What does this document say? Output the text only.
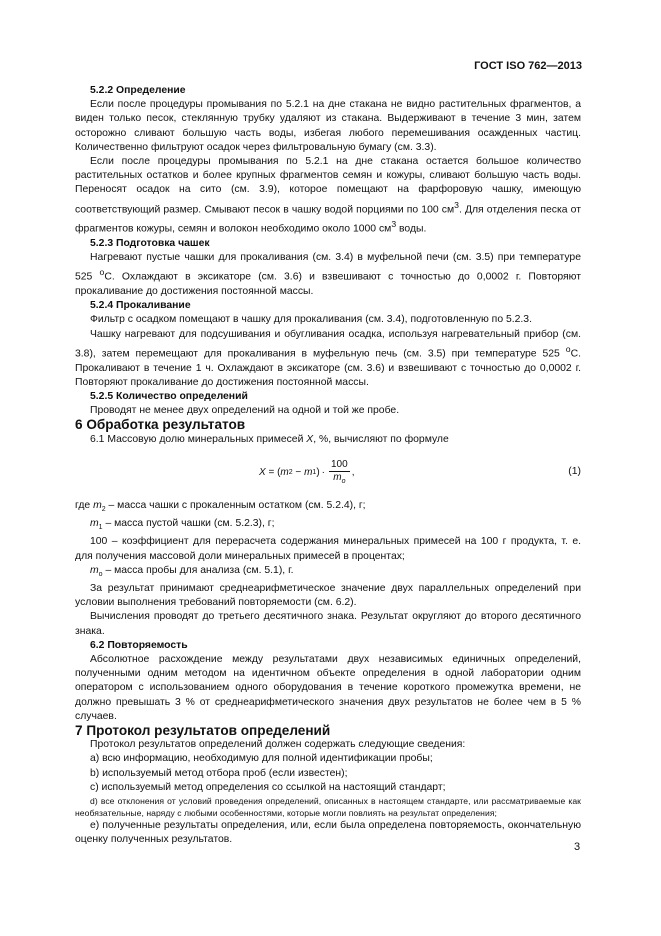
ГОСТ ISO 762—2013

5.2.2 Определение

Если после процедуры промывания по 5.2.1 на дне стакана не видно растительных фрагментов, а виден только песок, стеклянную трубку удаляют из стакана. Выдерживают в течение 3 мин, затем осторожно сливают большую часть воды, избегая любого перемешивания осажденных частиц. Количественно фильтруют осадок через фильтровальную бумагу (см. 3.3).

Если после процедуры промывания по 5.2.1 на дне стакана остается большое количество растительных остатков и более крупных фрагментов семян и кожуры, сливают большую часть воды. Переносят осадок на сито (см. 3.9), которое помещают на фарфоровую чашку, имеющую соответствующий размер. Смывают песок в чашку водой порциями по 100 $см^3$. Для отделения песка от фрагментов кожуры, семян и волокон необходимо около 1000 $см^3$ воды.

5.2.3 Подготовка чашек

Нагревают пустые чашки для прокаливания (см. 3.4) в муфельной печи (см. 3.5) при температуре 525 $^o$C. Охлаждают в эксикаторе (см. 3.6) и взвешивают с точностью до 0,0002 г. Повторяют прокаливание до достижения постоянной массы.

5.2.4 Прокаливание

Фильтр с осадком помещают в чашку для прокаливания (см. 3.4), подготовленную по 5.2.3.

Чашку нагревают для подсушивания и обугливания осадка, используя нагревательный прибор (см. 3.8), затем перемещают для прокаливания в муфельную печь (см. 3.5) при температуре 525 $^o$C. Прокаливают в течение 1 ч. Охлаждают в эксикаторе (см. 3.6) и взвешивают с точностью до 0,0002 г. Повторяют прокаливание до достижения постоянной массы.

5.2.5 Количество определений

Проводят не менее двух определений на одной и той же пробе.

6 Обработка результатов

6.1 Массовую долю минеральных примесей X, %, вычисляют по формуле

X = ( m 2 − m 1 ) · $\frac{100}{m_o}$ ,	(1)

где $m_2$ – масса чашки с прокаленным остатком (см. 5.2.4), г;

$m_1$ – масса пустой чашки (см. 5.2.3), г;

100 – коэффициент для перерасчета содержания минеральных примесей на 100 г продукта, т. е. для получения массовой доли минеральных примесей в процентах;

$m_o$ – масса пробы для анализа (см. 5.1), г.

За результат принимают среднеарифметическое значение двух параллельных определений при условии выполнения требований повторяемости (см. 6.2).

Вычисления проводят до третьего десятичного знака. Результат округляют до второго десятичного знака.

6.2 Повторяемость

Абсолютное расхождение между результатами двух независимых единичных определений, полученными одним методом на идентичном объекте определения в одной лаборатории одним оператором с использованием одного оборудования в течение короткого промежутка времени, не должно превышать 3 % от среднеарифметического значения двух результатов не более чем в 5 % случаев.

7 Протокол результатов определений

Протокол результатов определений должен содержать следующие сведения:

a) всю информацию, необходимую для полной идентификации пробы;

b) используемый метод отбора проб (если известен);

c) используемый метод определения со ссылкой на настоящий стандарт;

d) все отклонения от условий проведения определений, описанных в настоящем стандарте, или рассматриваемые как необязательные, наряду с любыми особенностями, которые могли повлиять на результат определения;

e) полученные результаты определения, или, если была определена повторяемость, окончательную оценку полученных результатов.

3
